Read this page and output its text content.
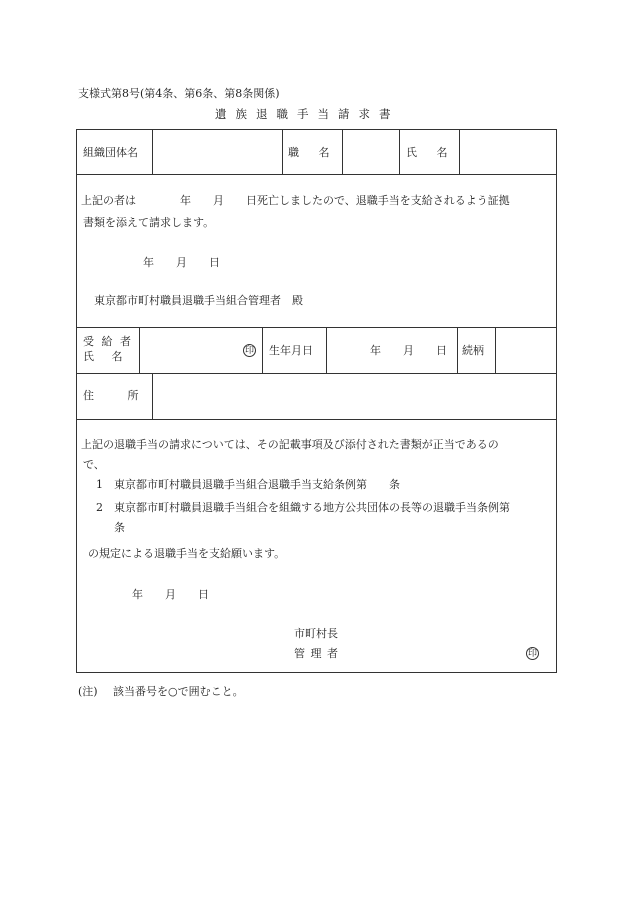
支様式第8号(第4条、第6条、第8条関係)
遺族退職手当請求書
組織団体名	職 名	氏 名
上記の者は　　　　年　　月　　日死亡しましたので、退職手当を支給されるよう証拠
書類を添えて請求します。
年　　月　　日
東京都市町村職員退職手当組合管理者　殿
受 給 者
氏 名	印 生年月日	年　　月　　日 続柄
住 所
上記の退職手当の請求については、その記載事項及び添付された書類が正当であるの
で、
1 東京都市町村職員退職手当組合退職手当支給条例第　　条
2 東京都市町村職員退職手当組合を組織する地方公共団体の長等の退職手当条例第
条
の規定による退職手当を支給願います。
年　　月　　日
市町村長
管 理 者	印
(注) 該当番号を○で囲むこと。
